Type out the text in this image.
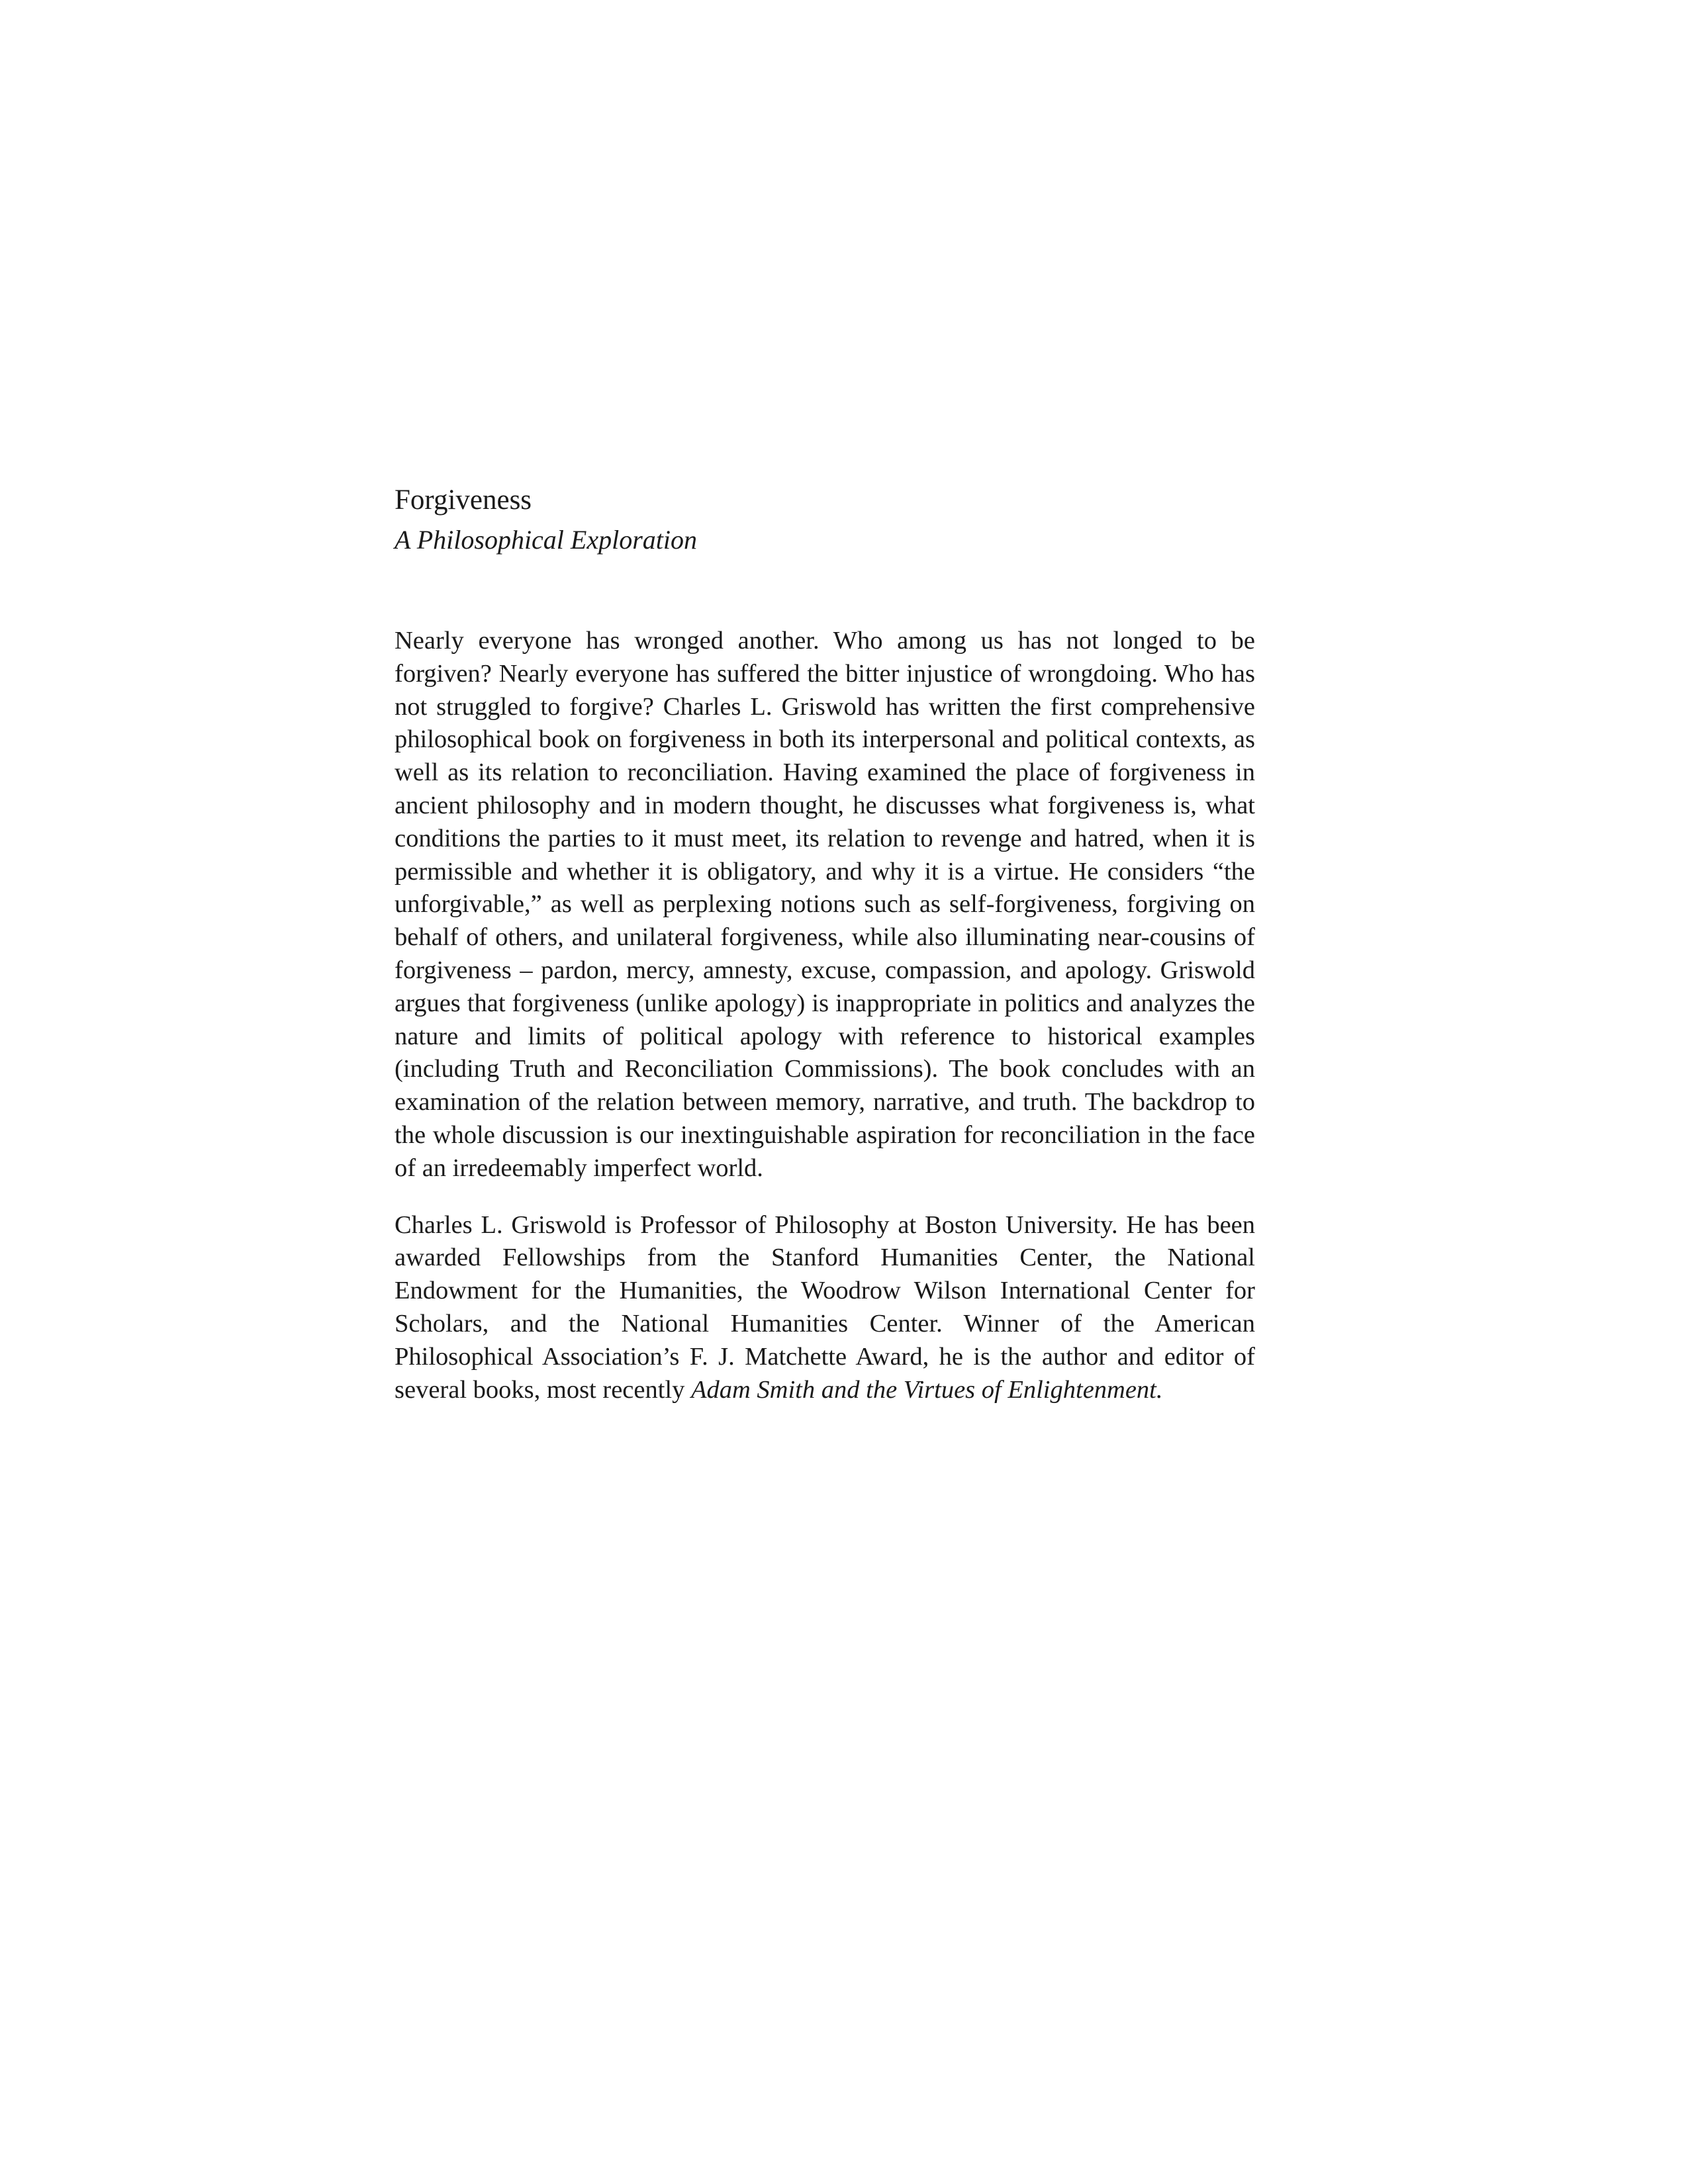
Forgiveness
A Philosophical Exploration

Nearly everyone has wronged another. Who among us has not longed to be forgiven? Nearly everyone has suffered the bitter injustice of wrongdoing. Who has not struggled to forgive? Charles L. Griswold has written the first comprehensive philosophical book on forgiveness in both its interpersonal and political contexts, as well as its relation to reconciliation. Having examined the place of forgiveness in ancient philosophy and in modern thought, he discusses what forgiveness is, what conditions the parties to it must meet, its relation to revenge and hatred, when it is permissible and whether it is obligatory, and why it is a virtue. He considers “the unforgivable,” as well as perplexing notions such as self-forgiveness, forgiving on behalf of others, and unilateral forgiveness, while also illuminating near-cousins of forgiveness – pardon, mercy, amnesty, excuse, compassion, and apology. Griswold argues that forgiveness (unlike apology) is inappropriate in politics and analyzes the nature and limits of political apology with reference to historical examples (including Truth and Reconciliation Commissions). The book concludes with an examination of the relation between memory, narrative, and truth. The backdrop to the whole discussion is our inextinguishable aspiration for reconciliation in the face of an irredeemably imperfect world.

Charles L. Griswold is Professor of Philosophy at Boston University. He has been awarded Fellowships from the Stanford Humanities Center, the National Endowment for the Humanities, the Woodrow Wilson International Center for Scholars, and the National Humanities Center. Winner of the American Philosophical Association’s F. J. Matchette Award, he is the author and editor of several books, most recently Adam Smith and the Virtues of Enlightenment.
